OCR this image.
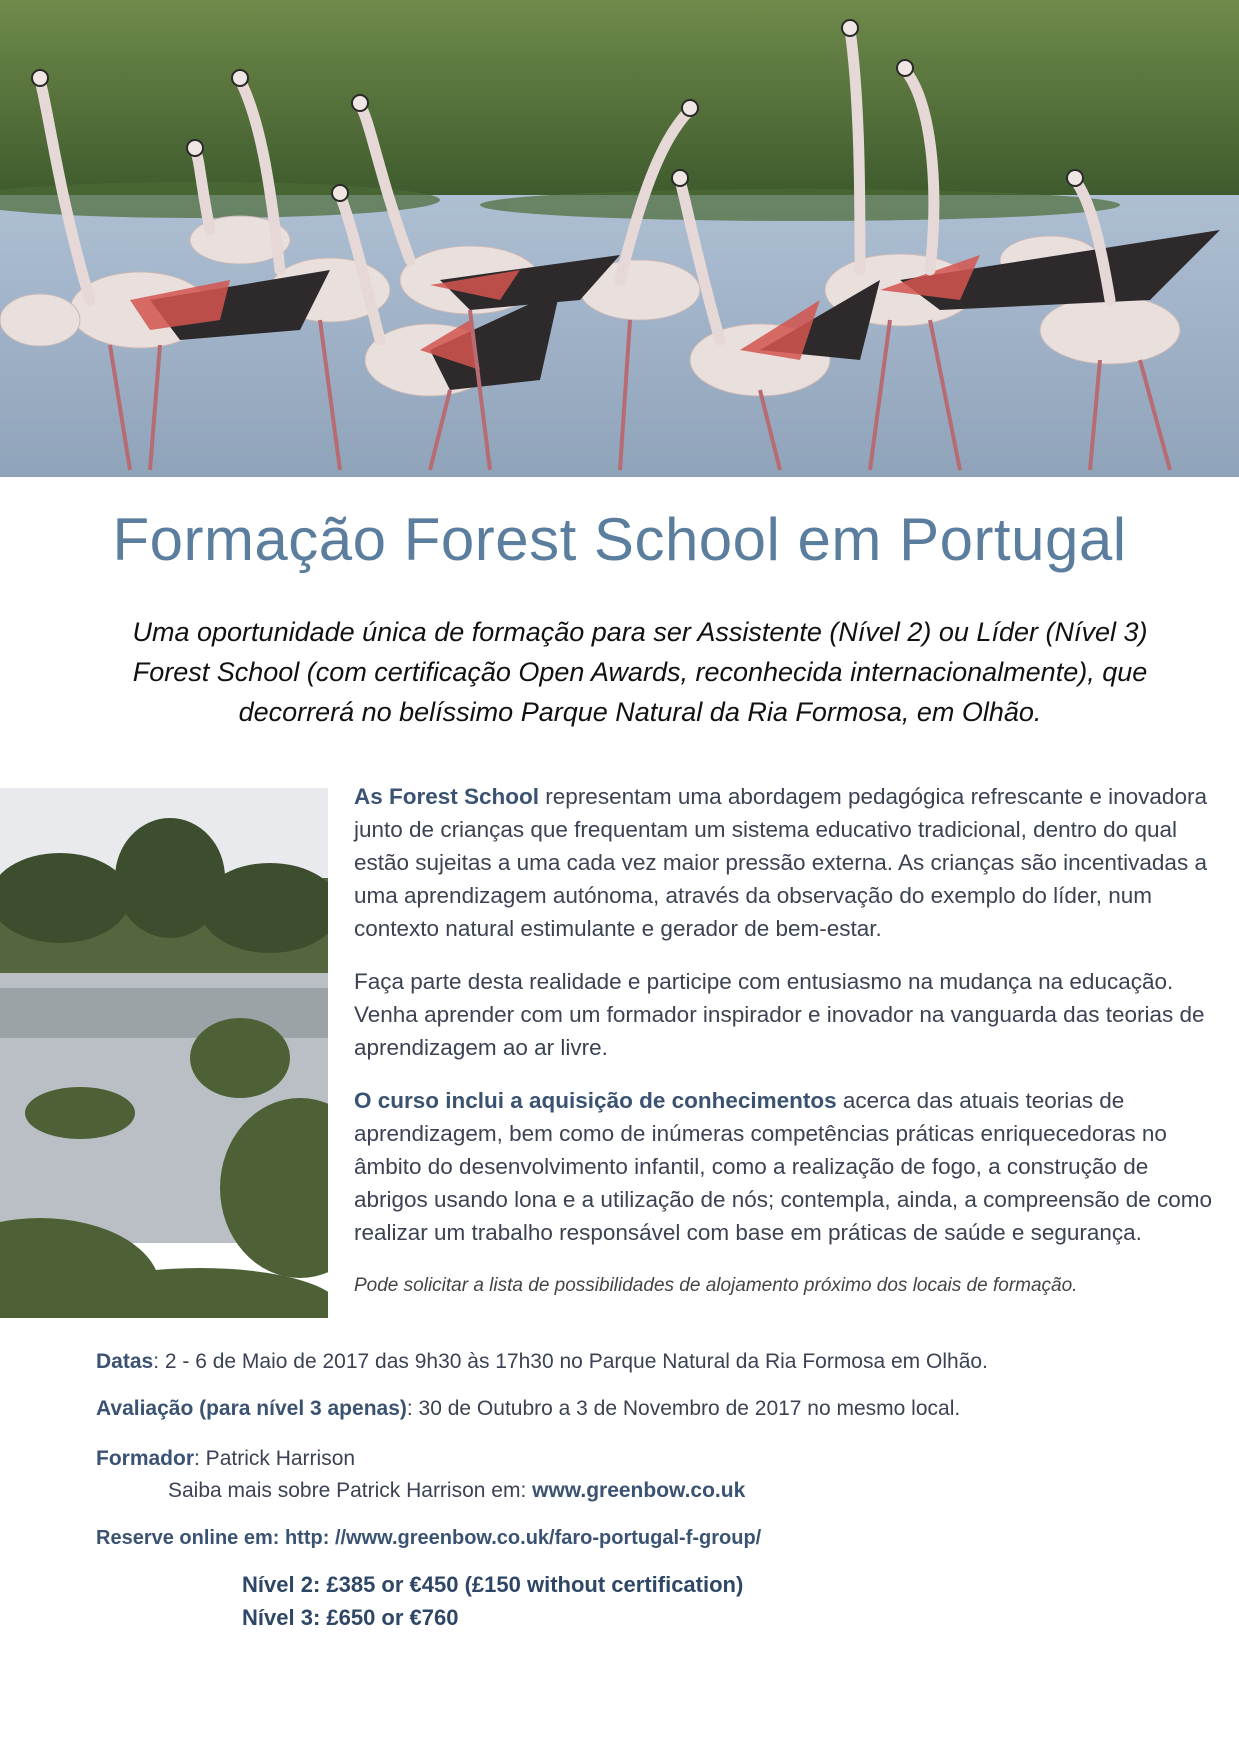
Formação Forest School em Portugal
Uma oportunidade única de formação para ser Assistente (Nível 2) ou Líder (Nível 3) Forest School (com certificação Open Awards, reconhecida internacionalmente), que decorrerá no belíssimo Parque Natural da Ria Formosa, em Olhão.

As Forest School representam uma abordagem pedagógica refrescante e inovadora junto de crianças que frequentam um sistema educativo tradicional, dentro do qual estão sujeitas a uma cada vez maior pressão externa. As crianças são incentivadas a uma aprendizagem autónoma, através da observação do exemplo do líder, num contexto natural estimulante e gerador de bem-estar.

Faça parte desta realidade e participe com entusiasmo na mudança na educação. Venha aprender com um formador inspirador e inovador na vanguarda das teorias de aprendizagem ao ar livre.

O curso inclui a aquisição de conhecimentos acerca das atuais teorias de aprendizagem, bem como de inúmeras competências práticas enriquecedoras no âmbito do desenvolvimento infantil, como a realização de fogo, a construção de abrigos usando lona e a utilização de nós; contempla, ainda, a compreensão de como realizar um trabalho responsável com base em práticas de saúde e segurança.

Pode solicitar a lista de possibilidades de alojamento próximo dos locais de formação.

Datas: 2 - 6 de Maio de 2017 das 9h30 às 17h30 no Parque Natural da Ria Formosa em Olhão.
Avaliação (para nível 3 apenas): 30 de Outubro a 3 de Novembro de 2017 no mesmo local.
Formador: Patrick Harrison
Saiba mais sobre Patrick Harrison em: www.greenbow.co.uk
Reserve online em: http: //www.greenbow.co.uk/faro-portugal-f-group/
Nível 2: £385 or €450 (£150 without certification)
Nível 3: £650 or €760
